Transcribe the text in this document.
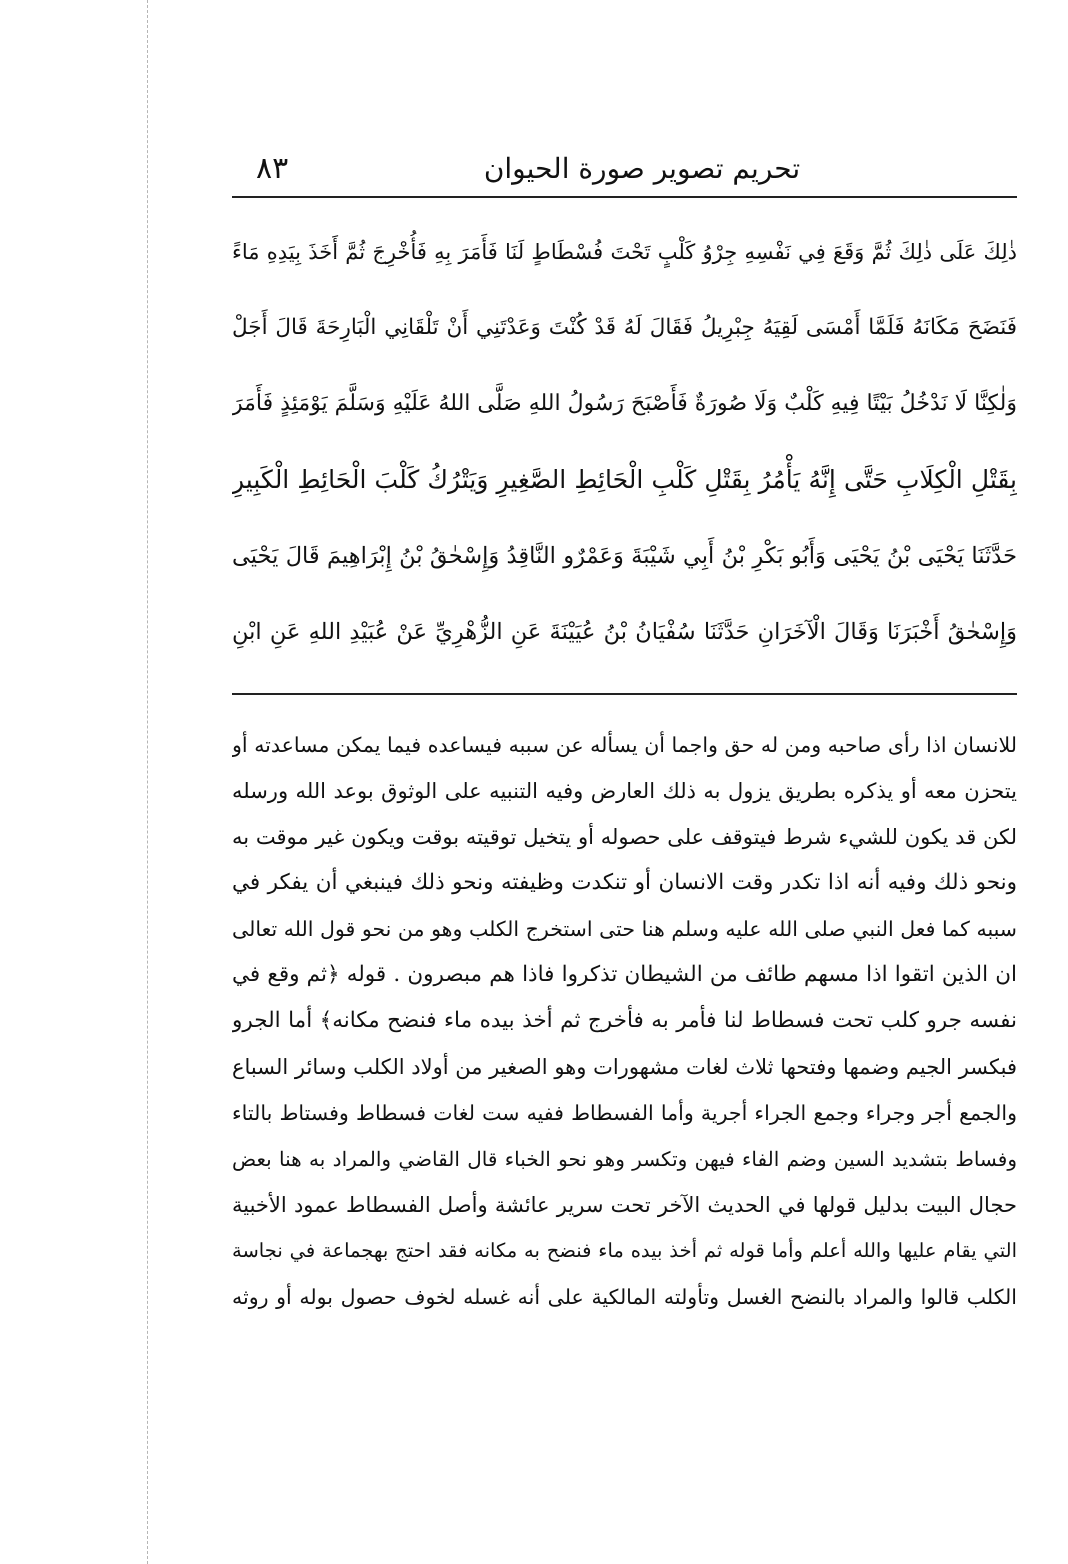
٨٣	تحريم تصوير صورة الحيوان
ذٰلِكَ عَلَى ذٰلِكَ ثُمَّ وَقَعَ فِي نَفْسِهِ جِرْوُ كَلْبٍ تَحْتَ فُسْطَاطٍ لَنَا فَأَمَرَ بِهِ فَأُخْرِجَ ثُمَّ أَخَذَ بِيَدِهِ مَاءً
فَنَضَحَ مَكَانَهُ فَلَمَّا أَمْسَى لَقِيَهُ جِبْرِيلُ فَقَالَ لَهُ قَدْ كُنْتَ وَعَدْتَنِي أَنْ تَلْقَانِي الْبَارِحَةَ قَالَ أَجَلْ
وَلٰكِنَّا لَا نَدْخُلُ بَيْتًا فِيهِ كَلْبٌ وَلَا صُورَةٌ فَأَصْبَحَ رَسُولُ اللهِ صَلَّى اللهُ عَلَيْهِ وَسَلَّمَ يَوْمَئِذٍ فَأَمَرَ
بِقَتْلِ الْكِلَابِ حَتَّى إِنَّهُ يَأْمُرُ بِقَتْلِ كَلْبِ الْحَائِطِ الصَّغِيرِ وَيَتْرُكُ كَلْبَ الْحَائِطِ الْكَبِيرِ
حَدَّثَنَا يَحْيَى بْنُ يَحْيَى وَأَبُو بَكْرِ بْنُ أَبِي شَيْبَةَ وَعَمْرٌو النَّاقِدُ وَإِسْحٰقُ بْنُ إِبْرَاهِيمَ قَالَ يَحْيَى
وَإِسْحٰقُ أَخْبَرَنَا وَقَالَ الْآخَرَانِ حَدَّثَنَا سُفْيَانُ بْنُ عُيَيْنَةَ عَنِ الزُّهْرِيِّ عَنْ عُبَيْدِ اللهِ عَنِ ابْنِ
للانسان اذا رأى صاحبه ومن له حق واجما أن يسأله عن سببه فيساعده فيما يمكن مساعدته أو
يتحزن معه أو يذكره بطريق يزول به ذلك العارض وفيه التنبيه على الوثوق بوعد الله ورسله
لكن قد يكون للشيء شرط فيتوقف على حصوله أو يتخيل توقيته بوقت ويكون غير موقت به
ونحو ذلك وفيه أنه اذا تكدر وقت الانسان أو تنكدت وظيفته ونحو ذلك فينبغي أن يفكر في
سببه كما فعل النبي صلى الله عليه وسلم هنا حتى استخرج الكلب وهو من نحو قول الله تعالى
ان الذين اتقوا اذا مسهم طائف من الشيطان تذكروا فاذا هم مبصرون . قوله ﴿ثم وقع في
نفسه جرو كلب تحت فسطاط لنا فأمر به فأخرج ثم أخذ بيده ماء فنضح مكانه﴾ أما الجرو
فبكسر الجيم وضمها وفتحها ثلاث لغات مشهورات وهو الصغير من أولاد الكلب وسائر السباع
والجمع أجر وجراء وجمع الجراء أجرية وأما الفسطاط ففيه ست لغات فسطاط وفستاط بالتاء
وفساط بتشديد السين وضم الفاء فيهن وتكسر وهو نحو الخباء قال القاضي والمراد به هنا بعض
حجال البيت بدليل قولها في الحديث الآخر تحت سرير عائشة وأصل الفسطاط عمود الأخبية
التي يقام عليها والله أعلم وأما قوله ثم أخذ بيده ماء فنضح به مكانه فقد احتج بهجماعة في نجاسة
الكلب قالوا والمراد بالنضح الغسل وتأولته المالكية على أنه غسله لخوف حصول بوله أو روثه
